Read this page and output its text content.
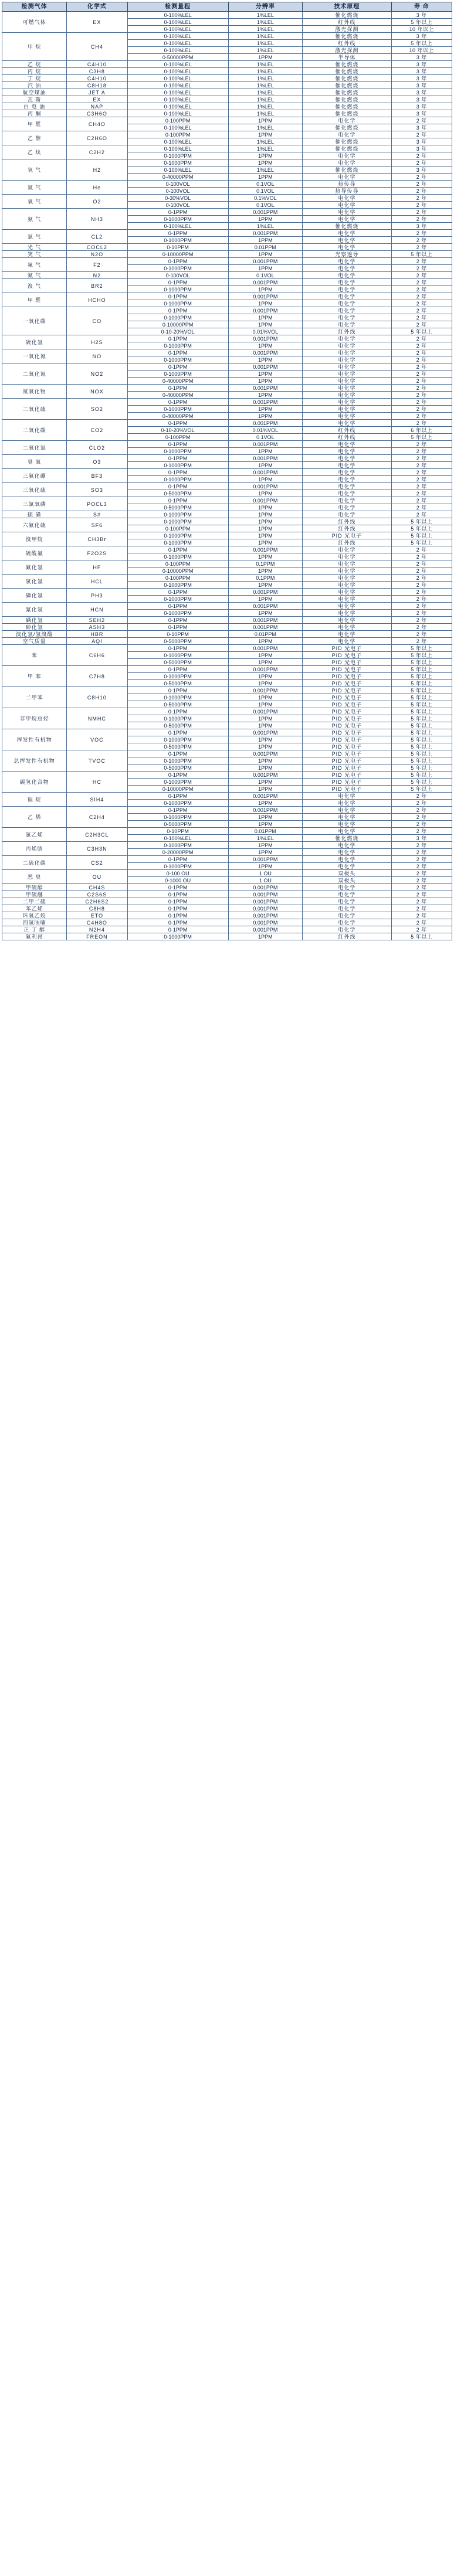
检测气体	化学式	检测量程	分辨率	技术原理	寿 命
可燃气体	EX	0-100%LEL	1%LEL	催化燃烧	3 年
		0-100%LEL	1%LEL	红外线	5 年以上
		0-100%LEL	1%LEL	激光探测	10 年以上
甲 烷	CH4	0-100%LEL	1%LEL	催化燃烧	3 年
		0-100%LEL	1%LEL	红外线	5 年以上
		0-100%LEL	1%LEL	激光探测	10 年以上
		0-50000PPM	1PPM	半导体	3 年
乙 烷	C4H10	0-100%LEL	1%LEL	催化燃烧	3 年
丙 烷	C3H8	0-100%LEL	1%LEL	催化燃烧	3 年
丁 烷	C4H10	0-100%LEL	1%LEL	催化燃烧	3 年
汽 油	C8H18	0-100%LEL	1%LEL	催化燃烧	3 年
航空煤油	JET A	0-100%LEL	1%LEL	催化燃烧	3 年
瓦 斯	EX	0-100%LEL	1%LEL	催化燃烧	3 年
白 电 油	NAP	0-100%LEL	1%LEL	催化燃烧	3 年
丙 酮	C3H6O	0-100%LEL	1%LEL	催化燃烧	3 年
甲 醛	CH4O	0-100PPM	1PPM	电化学	2 年
		0-100%LEL	1%LEL	催化燃烧	3 年
乙 醇	C2H6O	0-100PPM	1PPM	电化学	2 年
		0-100%LEL	1%LEL	催化燃烧	3 年
乙 炔	C2H2	0-100%LEL	1%LEL	催化燃烧	3 年
		0-1000PPM	1PPM	电化学	2 年
氢 气	H2	0-1000PPM	1PPM	电化学	2 年
		0-100%LEL	1%LEL	催化燃烧	3 年
		0-40000PPM	1PPM	电化学	2 年
氦 气	He	0-100VOL	0.1VOL	热传导	2 年
		0-100VOL	0.1VOL	热导传导	2 年
氧 气	O2	0-30%VOL	0.1%VOL	电化学	2 年
		0-100VOL	0.1VOL	电化学	2 年
氨 气	NH3	0-1PPM	0.001PPM	电化学	2 年
		0-1000PPM	1PPM	电化学	2 年
		0-100%LEL	1%LEL	催化燃烧	3 年
氯 气	CL2	0-1PPM	0.001PPM	电化学	2 年
		0-1000PPM	1PPM	电化学	2 年
光 气	COCL2	0-10PPM	0.01PPM	电化学	2 年
笑 气	N2O	0-10000PPM	1PPM	光察透导	5 年以上
氟 气	F2	0-1PPM	0.001PPM	电化学	2 年
		0-1000PPM	1PPM	电化学	2 年
氮 气	N2	0-100VOL	0.1VOL	电化学	2 年
溴 气	BR2	0-1PPM	0.001PPM	电化学	2 年
		0-1000PPM	1PPM	电化学	2 年
甲 醛	HCHO	0-1PPM	0.001PPM	电化学	2 年
		0-1000PPM	1PPM	电化学	2 年
一氧化碳	CO	0-1PPM	0.001PPM	电化学	2 年
		0-1000PPM	1PPM	电化学	2 年
		0-10000PPM	1PPM	电化学	2 年
		0-10-20%VOL	0.01%VOL	红外线	5 年以上
硫化氢	H2S	0-1PPM	0.001PPM	电化学	2 年
		0-1000PPM	1PPM	电化学	2 年
一氧化氮	NO	0-1PPM	0.001PPM	电化学	2 年
		0-1000PPM	1PPM	电化学	2 年
二氧化氮	NO2	0-1PPM	0.001PPM	电化学	2 年
		0-1000PPM	1PPM	电化学	2 年
		0-40000PPM	1PPM	电化学	2 年
氮氧化物	NOX	0-1PPM	0.001PPM	电化学	2 年
		0-40000PPM	1PPM	电化学	2 年
二氧化硫	SO2	0-1PPM	0.001PPM	电化学	2 年
		0-1000PPM	1PPM	电化学	2 年
		0-40000PPM	1PPM	电化学	2 年
二氧化碳	CO2	0-1PPM	0.001PPM	电化学	2 年
		0-10-20%VOL	0.01%VOL	红外线	6 年以上
		0-100PPM	0.1VOL	红外线	5 年以上
二氧化氯	CLO2	0-1PPM	0.001PPM	电化学	2 年
		0-1000PPM	1PPM	电化学	2 年
臭 氧	O3	0-1PPM	0.001PPM	电化学	2 年
		0-1000PPM	1PPM	电化学	2 年
三氟化硼	BF3	0-1PPM	0.001PPM	电化学	2 年
		0-1000PPM	1PPM	电化学	2 年
三氧化硫	SO3	0-1PPM	0.001PPM	电化学	2 年
		0-5000PPM	1PPM	电化学	2 年
三氯氧磷	POCL3	0-1PPM	0.001PPM	电化学	2 年
		0-5000PPM	1PPM	电化学	2 年
硫 磺	S#	0-1000PPM	1PPM	电化学	2 年
六氟化硫	SF6	0-1000PPM	1PPM	红外线	5 年以上
		0-100PPM	1PPM	红外线	5 年以上
溴甲烷	CH3Br	0-1000PPM	1PPM	PID 光电子	5 年以上
		0-1000PPM	1PPM	红外线	5 年以上
硫酰氟	F2O2S	0-1PPM	0.001PPM	电化学	2 年
		0-1000PPM	1PPM	电化学	2 年
氟化氢	HF	0-100PPM	0.1PPM	电化学	2 年
		0-10000PPM	1PPM	电化学	2 年
氯化氢	HCL	0-100PPM	0.1PPM	电化学	2 年
		0-1000PPM	1PPM	电化学	2 年
磷化氢	PH3	0-1PPM	0.001PPM	电化学	2 年
		0-1000PPM	1PPM	电化学	2 年
氰化氢	HCN	0-1PPM	0.001PPM	电化学	2 年
		0-1000PPM	1PPM	电化学	2 年
硒化氢	SEH2	0-1PPM	0.001PPM	电化学	2 年
砷化氢	ASH3	0-1PPM	0.001PPM	电化学	2 年
溴化氢/氢溴酸	HBR	0-10PPM	0.01PPM	电化学	2 年
空气质量	AQI	0-5000PPM	1PPM	电化学	2 年
苯	C6H6	0-1PPM	0.001PPM	PID 光电子	5 年以上
		0-1000PPM	1PPM	PID 光电子	5 年以上
		0-5000PPM	1PPM	PID 光电子	5 年以上
甲 苯	C7H8	0-1PPM	0.001PPM	PID 光电子	5 年以上
		0-1000PPM	1PPM	PID 光电子	5 年以上
		0-5000PPM	1PPM	PID 光电子	5 年以上
二甲苯	C8H10	0-1PPM	0.001PPM	PID 光电子	5 年以上
		0-1000PPM	1PPM	PID 光电子	5 年以上
		0-5000PPM	1PPM	PID 光电子	5 年以上
非甲烷总烃	NMHC	0-1PPM	0.001PPM	PID 光电子	5 年以上
		0-1000PPM	1PPM	PID 光电子	5 年以上
		0-5000PPM	1PPM	PID 光电子	5 年以上
挥发性有机物	VOC	0-1PPM	0.001PPM	PID 光电子	5 年以上
		0-1000PPM	1PPM	PID 光电子	5 年以上
		0-5000PPM	1PPM	PID 光电子	5 年以上
总挥发性有机物	TVOC	0-1PPM	0.001PPM	PID 光电子	5 年以上
		0-1000PPM	1PPM	PID 光电子	5 年以上
		0-5000PPM	1PPM	PID 光电子	5 年以上
碳氢化合物	HC	0-1PPM	0.001PPM	PID 光电子	5 年以上
		0-1000PPM	1PPM	PID 光电子	5 年以上
		0-10000PPM	1PPM	PID 光电子	5 年以上
硅 烷	SIH4	0-1PPM	0.001PPM	电化学	2 年
		0-1000PPM	1PPM	电化学	2 年
乙 烯	C2H4	0-1PPM	0.001PPM	电化学	2 年
		0-1000PPM	1PPM	电化学	2 年
		0-5000PPM	1PPM	电化学	2 年
氯乙烯	C2H3CL	0-10PPM	0.01PPM	电化学	2 年
		0-100%LEL	1%LEL	催化燃烧	3 年
丙烯腈	C3H3N	0-1000PPM	1PPM	电化学	2 年
		0-20000PPM	1PPM	电化学	2 年
二硫化碳	CS2	0-1PPM	0.001PPM	电化学	2 年
		0-1000PPM	1PPM	电化学	2 年
恶 臭	OU	0-100 OU	1 OU	双极头	2 年
		0-1000 OU	1 OU	双极头	2 年
甲硫醇	CH4S	0-1PPM	0.001PPM	电化学	2 年
甲硫醚	C2S6S	0-1PPM	0.001PPM	电化学	2 年
二甲二硫	C2H6S2	0-1PPM	0.001PPM	电化学	2 年
苯乙烯	C8H8	0-1PPM	0.001PPM	电化学	2 年
环氧乙烷	ETO	0-1PPM	0.001PPM	电化学	2 年
四氢呋喃	C4H8O	0-1PPM	0.001PPM	电化学	2 年
正 丁 醇	N2H4	0-1PPM	0.001PPM	电化学	2 年
氟利昂	FREON	0-1000PPM	1PPM	红外线	5 年以上
